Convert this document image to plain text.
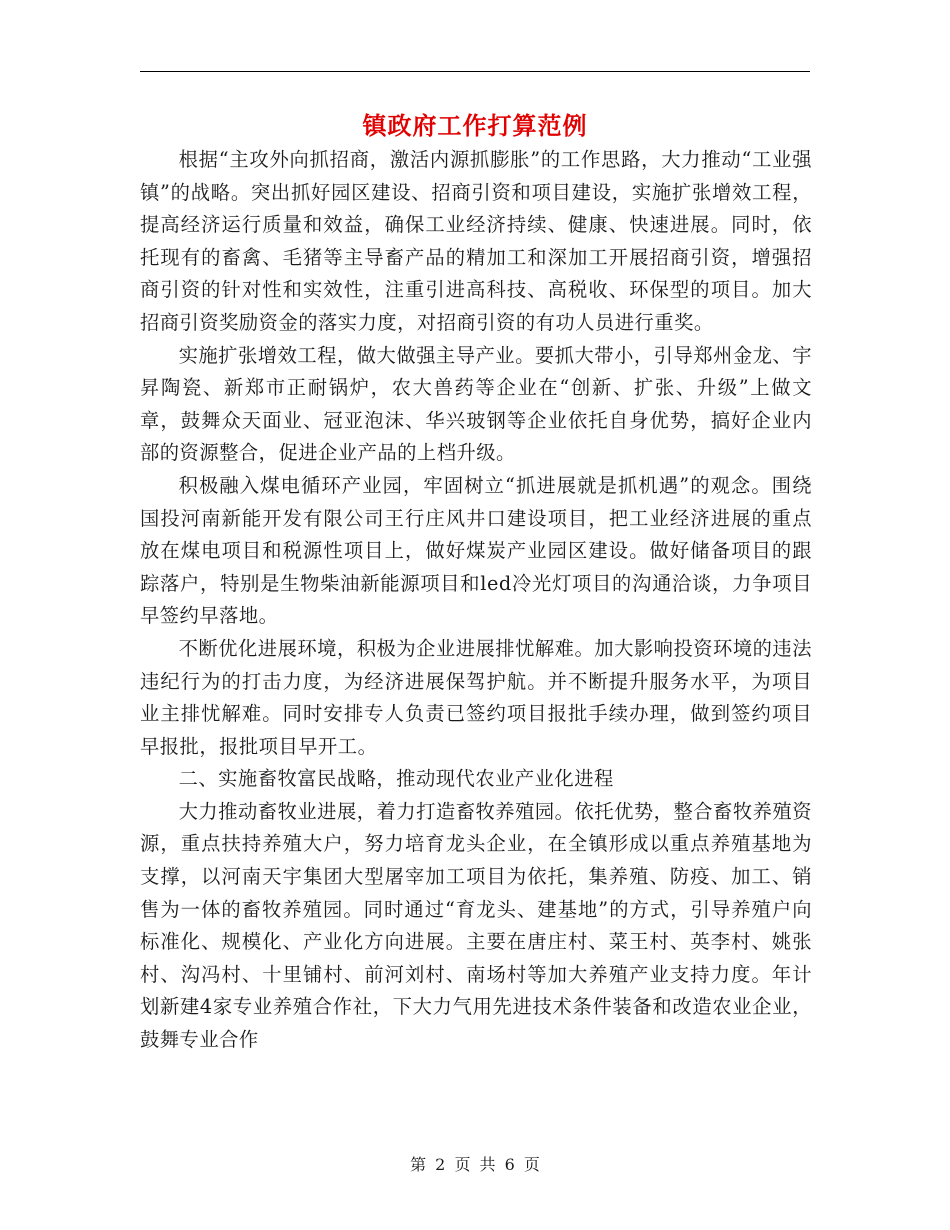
镇政府工作打算范例

根据“主攻外向抓招商，激活内源抓膨胀”的工作思路，大力推动“工业强镇”的战略。突出抓好园区建设、招商引资和项目建设，实施扩张增效工程，提高经济运行质量和效益，确保工业经济持续、健康、快速进展。同时，依托现有的畜禽、毛猪等主导畜产品的精加工和深加工开展招商引资，增强招商引资的针对性和实效性，注重引进高科技、高税收、环保型的项目。加大招商引资奖励资金的落实力度，对招商引资的有功人员进行重奖。

实施扩张增效工程，做大做强主导产业。要抓大带小，引导郑州金龙、宇昇陶瓷、新郑市正耐锅炉，农大兽药等企业在“创新、扩张、升级”上做文章，鼓舞众天面业、冠亚泡沫、华兴玻钢等企业依托自身优势，搞好企业内部的资源整合，促进企业产品的上档升级。

积极融入煤电循环产业园，牢固树立“抓进展就是抓机遇”的观念。围绕国投河南新能开发有限公司王行庄风井口建设项目，把工业经济进展的重点放在煤电项目和税源性项目上，做好煤炭产业园区建设。做好储备项目的跟踪落户，特别是生物柴油新能源项目和led冷光灯项目的沟通洽谈，力争项目早签约早落地。

不断优化进展环境，积极为企业进展排忧解难。加大影响投资环境的违法违纪行为的打击力度，为经济进展保驾护航。并不断提升服务水平，为项目业主排忧解难。同时安排专人负责已签约项目报批手续办理，做到签约项目早报批，报批项目早开工。

二、实施畜牧富民战略，推动现代农业产业化进程

大力推动畜牧业进展，着力打造畜牧养殖园。依托优势，整合畜牧养殖资源，重点扶持养殖大户，努力培育龙头企业，在全镇形成以重点养殖基地为支撑，以河南天宇集团大型屠宰加工项目为依托，集养殖、防疫、加工、销售为一体的畜牧养殖园。同时通过“育龙头、建基地”的方式，引导养殖户向标准化、规模化、产业化方向进展。主要在唐庄村、菜王村、英李村、姚张村、沟冯村、十里铺村、前河刘村、南场村等加大养殖产业支持力度。年计划新建4家专业养殖合作社，下大力气用先进技术条件装备和改造农业企业，鼓舞专业合作

第 2 页 共 6 页
